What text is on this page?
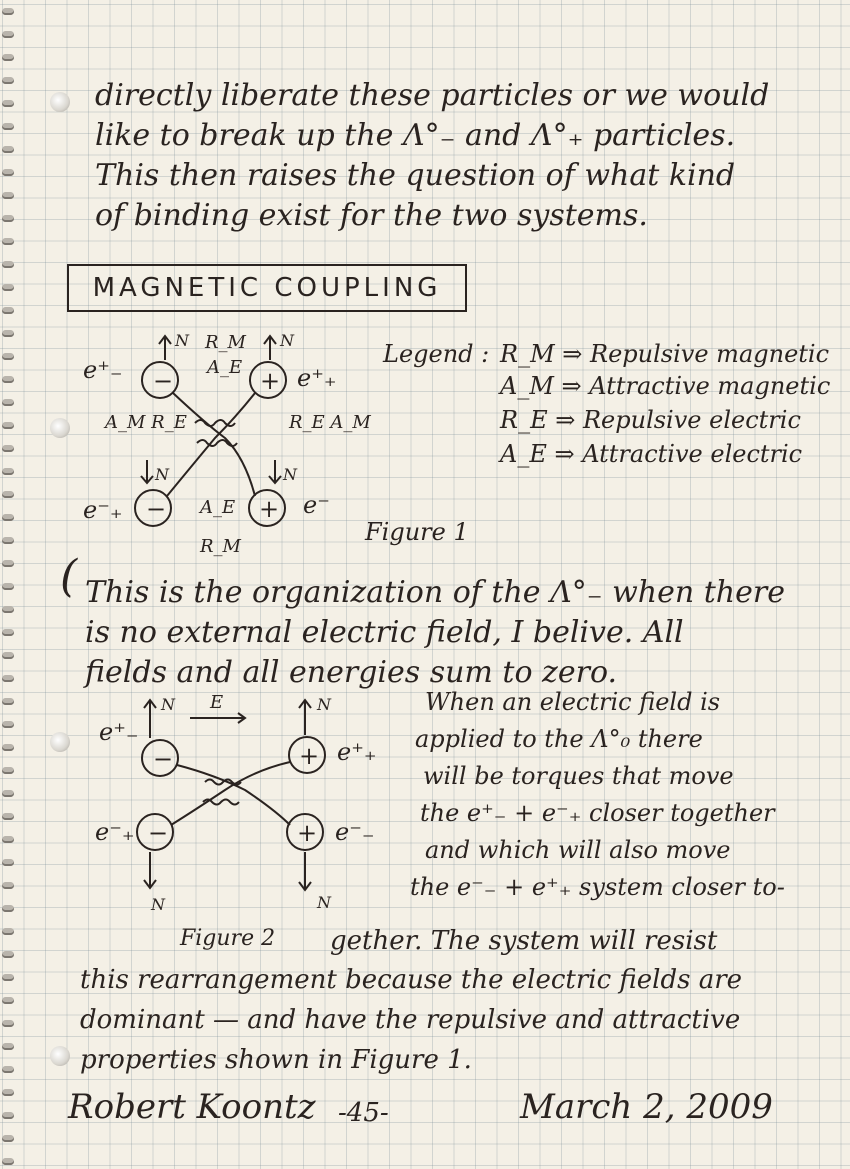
directly liberate these particles or we would
like to break up the Λ°₋ and Λ°₊ particles.
This then raises the question of what kind
of binding exist for the two systems.
MAGNETIC COUPLING
−	+
−	+
e⁺₋	e⁺₊
e⁻₊	e⁻
N	N
N	N
R_M
A_E
A_M R_E	R_E A_M
A_E
R_M
Figure 1
Legend : R_M ⇒ Repulsive magnetic
A_M ⇒ Attractive magnetic
R_E ⇒ Repulsive electric
A_E ⇒ Attractive electric
( This is the organization of the Λ°₋ when there
is no external electric field, I belive. All
fields and all energies sum to zero.
E
−	+
−	+
e⁺₋
e⁺₊
e⁻₊	e⁻₋
N	N
N	N
Figure 2
When an electric field is
applied to the Λ°₀ there
will be torques that move
the e⁺₋ + e⁻₊ closer together
and which will also move
the e⁻₋ + e⁺₊ system closer to-
gether. The system will resist
this rearrangement because the electric fields are
dominant — and have the repulsive and attractive
properties shown in Figure 1.
Robert Koontz -45-	March 2, 2009
